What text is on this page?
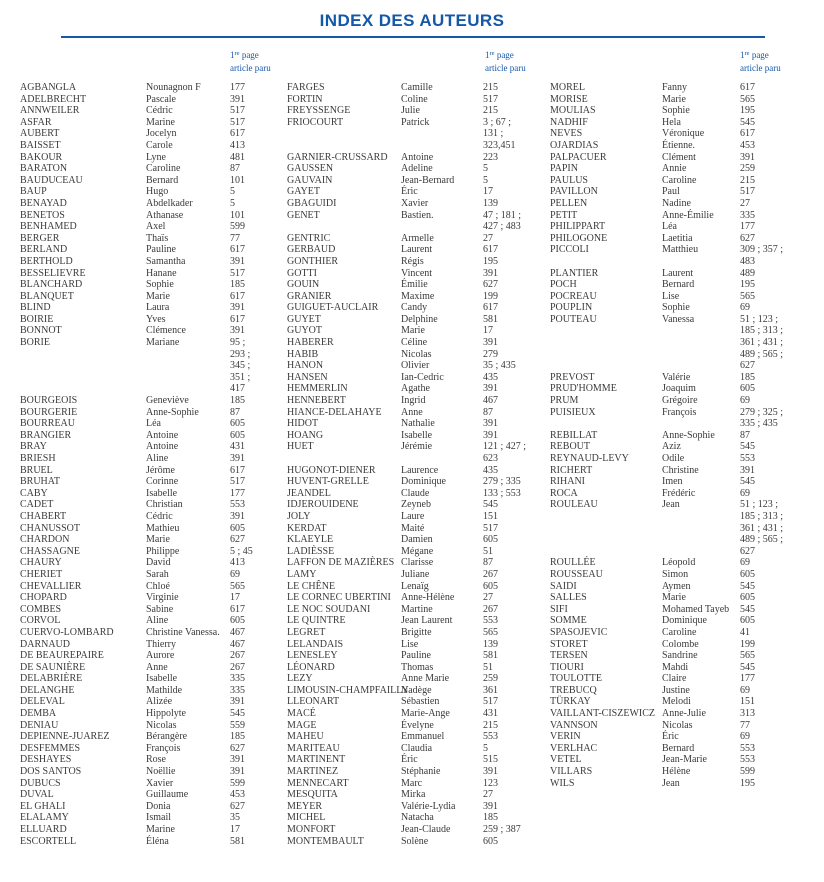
INDEX DES AUTEURS
1re page
article paru
1re page
article paru
1re page
article paru
AGBANGLA	Nounagnon F	177
ADELBRECHT	Pascale	391
ANNWEILER	Cédric	517
ASFAR	Marine	517
AUBERT	Jocelyn	617
BAISSET	Carole	413
BAKOUR	Lyne	481
BARATON	Caroline	87
BAUDUCEAU	Bernard	101
BAUP	Hugo	5
BENAYAD	Abdelkader	5
BENETOS	Athanase	101
BENHAMED	Axel	599
BERGER	Thaïs	77
BERLAND	Pauline	617
BERTHOLD	Samantha	391
BESSELIEVRE	Hanane	517
BLANCHARD	Sophie	185
BLANQUET	Marie	617
BLIND	Laura	391
BOIRIE	Yves	617
BONNOT	Clémence	391
BORIE	Mariane	95 ;
293 ;
345 ;
351 ;
417
BOURGEOIS	Geneviève	185
BOURGERIE	Anne-Sophie	87
BOURREAU	Léa	605
BRANGIER	Antoine	605
BRAY	Antoine	431
BRIESH	Aline	391
BRUEL	Jérôme	617
BRUHAT	Corinne	517
CABY	Isabelle	177
CADET	Christian	553
CHABERT	Cédric	391
CHANUSSOT	Mathieu	605
CHARDON	Marie	627
CHASSAGNE	Philippe	5 ; 45
CHAURY	David	413
CHERIET	Sarah	69
CHEVALLIER	Chloé	565
CHOPARD	Virginie	17
COMBES	Sabine	617
CORVOL	Aline	605
CUERVO-LOMBARD	Christine Vanessa. 467
DARNAUD	Thierry	467
DE BEAUREPAIRE	Aurore	267
DE SAUNIÈRE	Anne	267
DELABRIÈRE	Isabelle	335
DELANGHE	Mathilde	335
DELEVAL	Alizée	391
DEMBA	Hippolyte	545
DENIAU	Nicolas	559
DEPIENNE-JUAREZ	Bérangère	185
DESFEMMES	François	627
DESHAYES	Rose	391
DOS SANTOS	Noëllie	391
DUBUCS	Xavier	599
DUVAL	Guillaume	453
EL GHALI	Donia	627
ELALAMY	Ismail	35
ELLUARD	Marine	17
ESCORTELL	Éléna	581
FARGES	Camille	215
FORTIN	Coline	517
FREYSSENGE	Julie	215
FRIOCOURT	Patrick	3 ; 67 ;
131 ;
323,451
GARNIER-CRUSSARD Antoine	223
GAUSSEN	Adeline	5
GAUVAIN	Jean-Bernard	5
GAYET	Éric	17
GBAGUIDI	Xavier	139
GENET	Bastien.	47 ; 181 ;
427 ; 483
GENTRIC	Armelle	27
GERBAUD	Laurent	617
GONTHIER	Régis	195
GOTTI	Vincent	391
GOUIN	Émilie	627
GRANIER	Maxime	199
GUIGUET-AUCLAIR Candy	617
GUYET	Delphine	581
GUYOT	Marie	17
HABERER	Céline	391
HABIB	Nicolas	279
HANON	Olivier	35 ; 435
HANSEN	Ian-Cedric	435
HEMMERLIN	Agathe	391
HENNEBERT	Ingrid	467
HIANCE-DELAHAYE Anne	87
HIDOT	Nathalie	391
HOANG	Isabelle	391
HUET	Jérémie	121 ; 427 ;
623
HUGONOT-DIENER	Laurence	435
HUVENT-GRELLE	Dominique	279 ; 335
JEANDEL	Claude	133 ; 553
IDJEROUIDENE	Zeyneb	545
JOLY	Laure	151
KERDAT	Maité	517
KLAEYLE	Damien	605
LADIÈSSE	Mégane	51
LAFFON DE MAZIÈRES Clarisse	87
LAMY	Juliane	267
LE CHÊNE	Lenaïg	605
LE CORNEC UBERTINI Anne-Hélène	27
LE NOC SOUDANI	Martine	267
LE QUINTRE	Jean Laurent	553
LEGRET	Brigitte	565
LELANDAIS	Lise	139
LENESLEY	Pauline	581
LÉONARD	Thomas	51
LEZY	Anne Marie	259
LIMOUSIN-CHAMPFAILLY
Nadège	361
LLEONART	Sébastien	517
MACÉ	Marie-Ange	431
MAGE	Évelyne	215
MAHEU	Emmanuel	553
MARITEAU	Claudia	5
MARTINENT	Éric	515
MARTINEZ	Stéphanie	391
MENNECART	Marc	123
MESQUITA	Mirka	27
MEYER	Valérie-Lydia	391
MICHEL	Natacha	185
MONFORT	Jean-Claude	259 ; 387
MONTEMBAULT	Solène	605
MOREL	Fanny	617
MORISE	Marie	565
MOULIAS	Sophie	195
NADHIF	Hela	545
NEVES	Véronique	617
OJARDIAS	Étienne.	453
PALPACUER	Clément	391
PAPIN	Annie	259
PAULUS	Caroline	215
PAVILLON	Paul	517
PELLEN	Nadine	27
PETIT	Anne-Émilie	335
PHILIPPART	Léa	177
PHILOGONE	Laetitia	627
PICCOLI	Matthieu	309 ; 357 ;
483
PLANTIER	Laurent	489
POCH	Bernard	195
POCREAU	Lise	565
POUPLIN	Sophie	69
POUTEAU	Vanessa	51 ; 123 ;
185 ; 313 ;
361 ; 431 ;
489 ; 565 ;
627
PREVOST	Valérie	185
PRUD'HOMME	Joaquim	605
PRUM	Grégoire	69
PUISIEUX	François	279 ; 325 ;
335 ; 435
REBILLAT	Anne-Sophie	87
REBOUT	Aziz	545
REYNAUD-LEVY	Odile	553
RICHERT	Christine	391
RIHANI	Imen	545
ROCA	Frédéric	69
ROULEAU	Jean	51 ; 123 ;
185 ; 313 ;
361 ; 431 ;
489 ; 565 ;
627
ROULLÉE	Léopold	69
ROUSSEAU	Simon	605
SAIDI	Aymen	545
SALLES	Marie	605
SIFI	Mohamed Tayeb 545
SOMME	Dominique	605
SPASOJEVIC	Caroline	41
STORET	Colombe	199
TERSEN	Sandrine	565
TIOURI	Mahdi	545
TOULOTTE	Claire	177
TREBUCQ	Justine	69
TÜRKAY	Melodi	151
VAILLANT-CISZEWICZ Anne-Julie	313
VANNSON	Nicolas	77
VERIN	Éric	69
VERLHAC	Bernard	553
VETEL	Jean-Marie	553
VILLARS	Hélène	599
WILS	Jean	195
